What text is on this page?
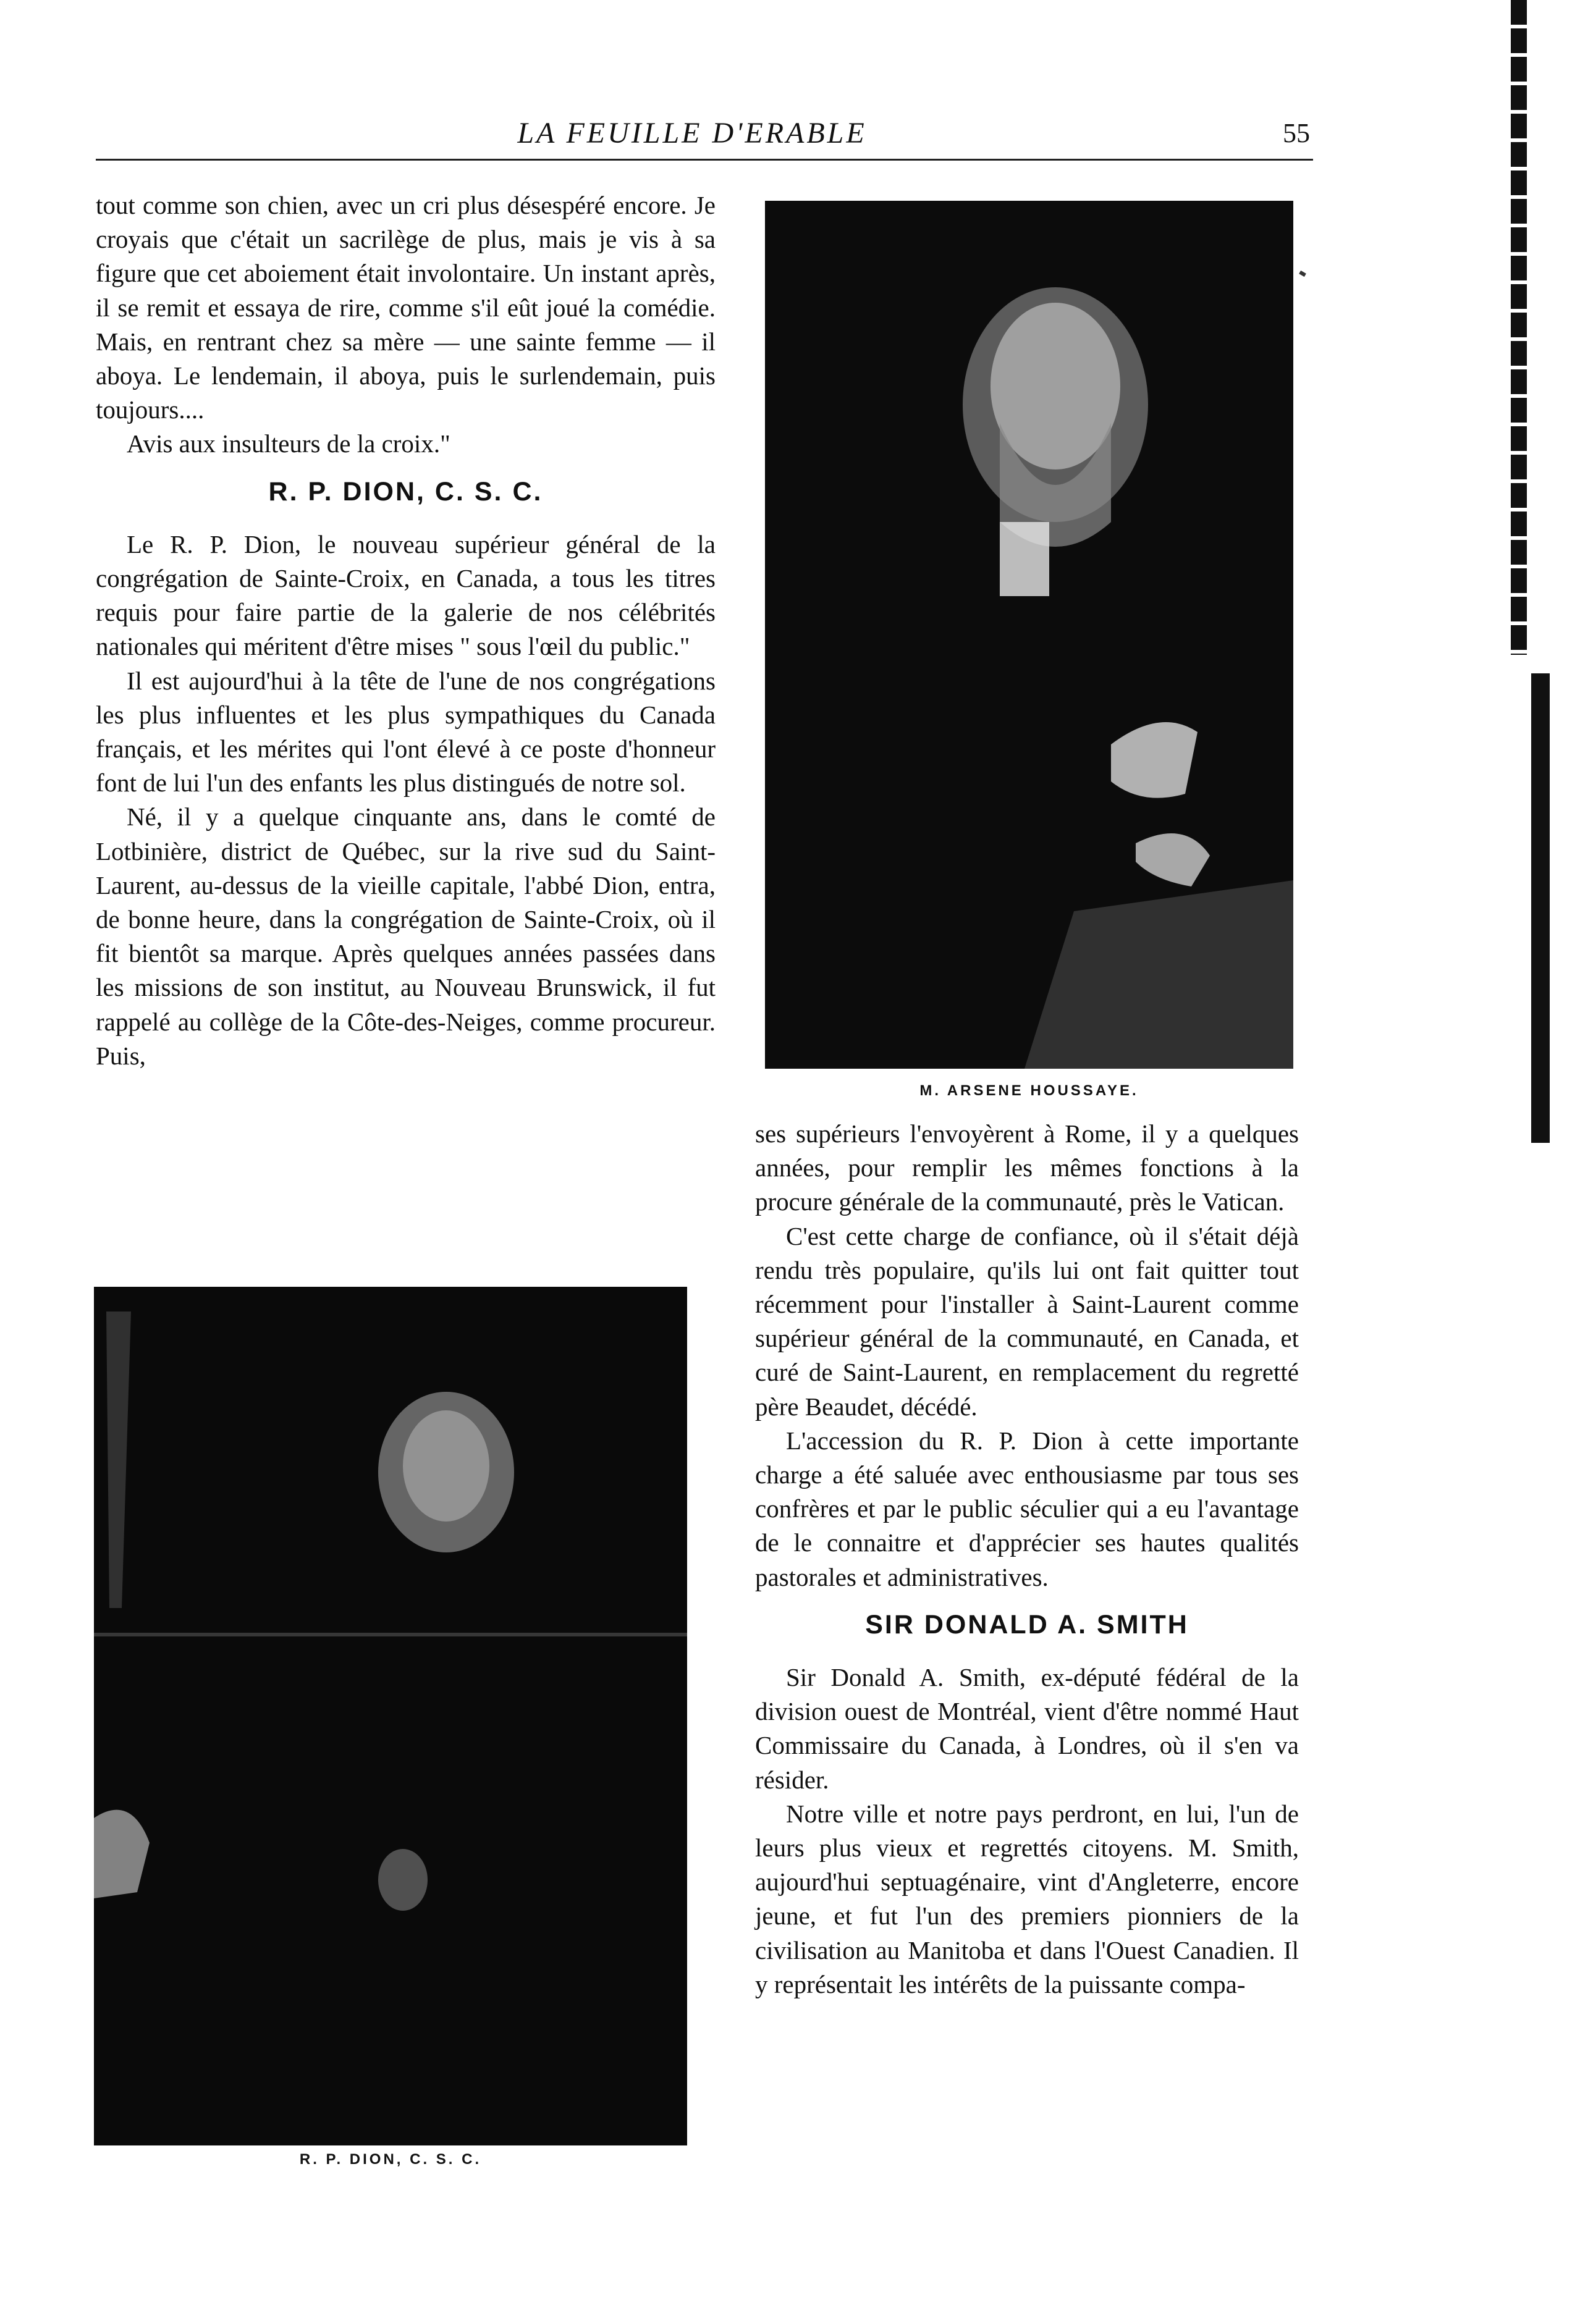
LA FEUILLE D'ERABLE	55

tout comme son chien, avec un cri plus désespéré encore. Je croyais que c'était un sacrilège de plus, mais je vis à sa figure que cet aboiement était involontaire. Un instant après, il se remit et essaya de rire, comme s'il eût joué la comédie. Mais, en rentrant chez sa mère — une sainte femme — il aboya. Le lendemain, il aboya, puis le surlendemain, puis toujours....

Avis aux insulteurs de la croix."

R. P. DION, C. S. C.

Le R. P. Dion, le nouveau supérieur général de la congrégation de Sainte-Croix, en Canada, a tous les titres requis pour faire partie de la galerie de nos célébrités nationales qui méritent d'être mises " sous l'œil du public."

Il est aujourd'hui à la tête de l'une de nos congrégations les plus influentes et les plus sympathiques du Canada français, et les mérites qui l'ont élevé à ce poste d'honneur font de lui l'un des enfants les plus distingués de notre sol.

Né, il y a quelque cinquante ans, dans le comté de Lotbinière, district de Québec, sur la rive sud du Saint-Laurent, au-dessus de la vieille capitale, l'abbé Dion, entra, de bonne heure, dans la congrégation de Sainte-Croix, où il fit bientôt sa marque. Après quelques années passées dans les missions de son institut, au Nouveau Brunswick, il fut rappelé au collège de la Côte-des-Neiges, comme procureur. Puis,

M. ARSENE HOUSSAYE.

ses supérieurs l'envoyèrent à Rome, il y a quelques années, pour remplir les mêmes fonctions à la procure générale de la communauté, près le Vatican.

C'est cette charge de confiance, où il s'était déjà rendu très populaire, qu'ils lui ont fait quitter tout récemment pour l'installer à Saint-Laurent comme supérieur général de la communauté, en Canada, et curé de Saint-Laurent, en remplacement du regretté père Beaudet, décédé.

L'accession du R. P. Dion à cette importante charge a été saluée avec enthousiasme par tous ses confrères et par le public séculier qui a eu l'avantage de le connaitre et d'apprécier ses hautes qualités pastorales et administratives.

SIR DONALD A. SMITH

Sir Donald A. Smith, ex-député fédéral de la division ouest de Montréal, vient d'être nommé Haut Commissaire du Canada, à Londres, où il s'en va résider.

Notre ville et notre pays perdront, en lui, l'un de leurs plus vieux et regrettés citoyens. M. Smith, aujourd'hui septuagénaire, vint d'Angleterre, encore jeune, et fut l'un des premiers pionniers de la civilisation au Manitoba et dans l'Ouest Canadien. Il y représentait les intérêts de la puissante compa-

R. P. DION, C. S. C.
